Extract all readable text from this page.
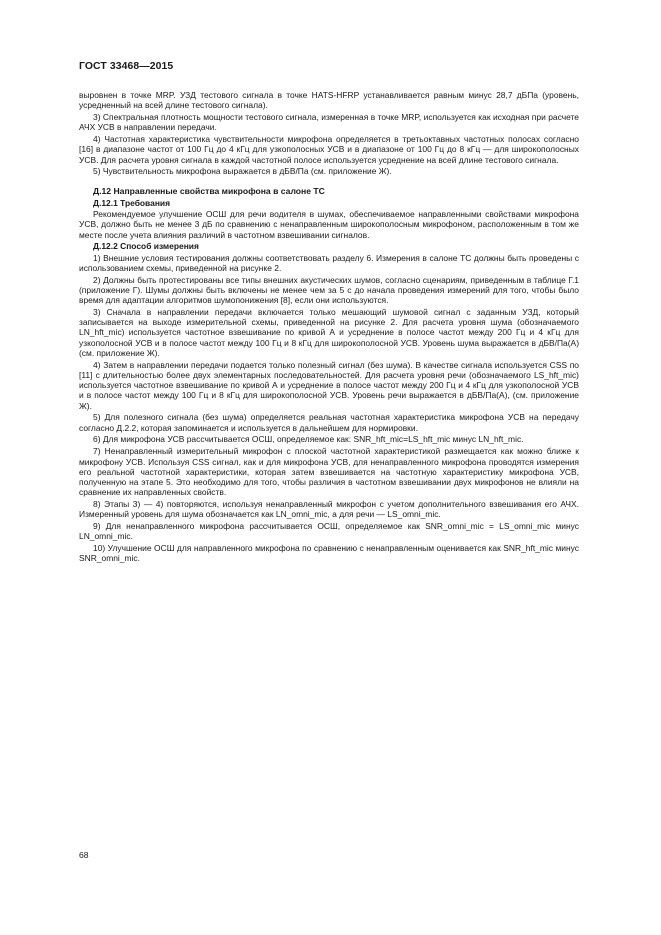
ГОСТ 33468—2015

выровнен в точке MRP. УЗД тестового сигнала в точке HATS-HFRP устанавливается равным минус 28,7 дБПа (уровень, усредненный на всей длине тестового сигнала).

3) Спектральная плотность мощности тестового сигнала, измеренная в точке MRP, используется как исходная при расчете АЧХ УСВ в направлении передачи.

4) Частотная характеристика чувствительности микрофона определяется в третьоктавных частотных полосах согласно [16] в диапазоне частот от 100 Гц до 4 кГц для узкополосных УСВ и в диапазоне от 100 Гц до 8 кГц — для широкополосных УСВ. Для расчета уровня сигнала в каждой частотной полосе используется усреднение на всей длине тестового сигнала.

5) Чувствительность микрофона выражается в дБВ/Па (см. приложение Ж).

Д.12 Направленные свойства микрофона в салоне ТС
Д.12.1 Требования

Рекомендуемое улучшение ОСШ для речи водителя в шумах, обеспечиваемое направленными свойствами микрофона УСВ, должно быть не менее 3 дБ по сравнению с ненаправленным широкополосным микрофоном, расположенным в том же месте после учета влияния различий в частотном взвешивании сигналов.

Д.12.2 Способ измерения

1) Внешние условия тестирования должны соответствовать разделу 6. Измерения в салоне ТС должны быть проведены с использованием схемы, приведенной на рисунке 2.

2) Должны быть протестированы все типы внешних акустических шумов, согласно сценариям, приведенным в таблице Г.1 (приложение Г). Шумы должны быть включены не менее чем за 5 с до начала проведения измерений для того, чтобы было время для адаптации алгоритмов шумопонижения [8], если они используются.

3) Сначала в направлении передачи включается только мешающий шумовой сигнал с заданным УЗД, который записывается на выходе измерительной схемы, приведенной на рисунке 2. Для расчета уровня шума (обозначаемого LN_hft_mic) используется частотное взвешивание по кривой А и усреднение в полосе частот между 200 Гц и 4 кГц для узкополосной УСВ и в полосе частот между 100 Гц и 8 кГц для широкополосной УСВ. Уровень шума выражается в дБВ/Па(А) (см. приложение Ж).

4) Затем в направлении передачи подается только полезный сигнал (без шума). В качестве сигнала используется CSS по [11] с длительностью более двух элементарных последовательностей. Для расчета уровня речи (обозначаемого LS_hft_mic) используется частотное взвешивание по кривой А и усреднение в полосе частот между 200 Гц и 4 кГц для узкополосной УСВ и в полосе частот между 100 Гц и 8 кГц для широкополосной УСВ. Уровень речи выражается в дБВ/Па(А), (см. приложение Ж).

5) Для полезного сигнала (без шума) определяется реальная частотная характеристика микрофона УСВ на передачу согласно Д.2.2, которая запоминается и используется в дальнейшем для нормировки.

6) Для микрофона УСВ рассчитывается ОСШ, определяемое как: SNR_hft_mic=LS_hft_mic минус LN_hft_mic.

7) Ненаправленный измерительный микрофон с плоской частотной характеристикой размещается как можно ближе к микрофону УСВ. Используя CSS сигнал, как и для микрофона УСВ, для ненаправленного микрофона проводятся измерения его реальной частотной характеристики, которая затем взвешивается на частотную характеристику микрофона УСВ, полученную на этапе 5. Это необходимо для того, чтобы различия в частотном взвешивании двух микрофонов не влияли на сравнение их направленных свойств.

8) Этапы 3) — 4) повторяются, используя ненаправленный микрофон с учетом дополнительного взвешивания его АЧХ. Измеренный уровень для шума обозначается как LN_omni_mic, а для речи — LS_omni_mic.

9) Для ненаправленного микрофона рассчитывается ОСШ, определяемое как SNR_omni_mic = LS_omni_mic минус LN_omni_mic.

10) Улучшение ОСШ для направленного микрофона по сравнению с ненаправленным оценивается как SNR_hft_mic минус SNR_omni_mic.

68
